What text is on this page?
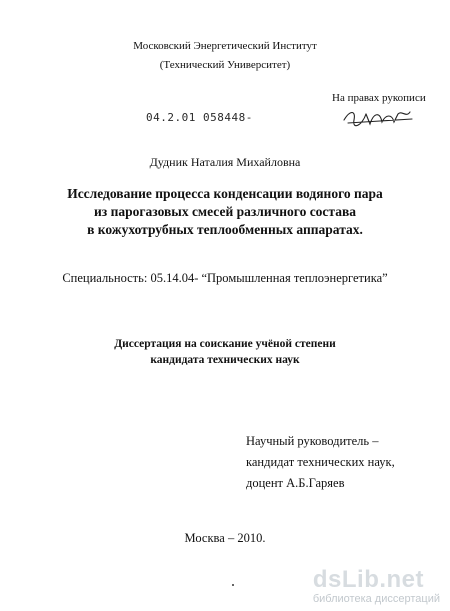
Московский Энергетический Институт
(Технический Университет)
На правах рукописи
04.2.01 058448-
Дудник Наталия Михайловна
Исследование процесса конденсации водяного пара
из парогазовых смесей различного состава
в кожухотрубных теплообменных аппаратах.
Специальность: 05.14.04- “Промышленная теплоэнергетика”
Диссертация на соискание учёной степени
кандидата технических наук
Научный руководитель –
кандидат технических наук,
доцент А.Б.Гаряев
Москва – 2010.
dsLib.net
библиотека диссертаций
